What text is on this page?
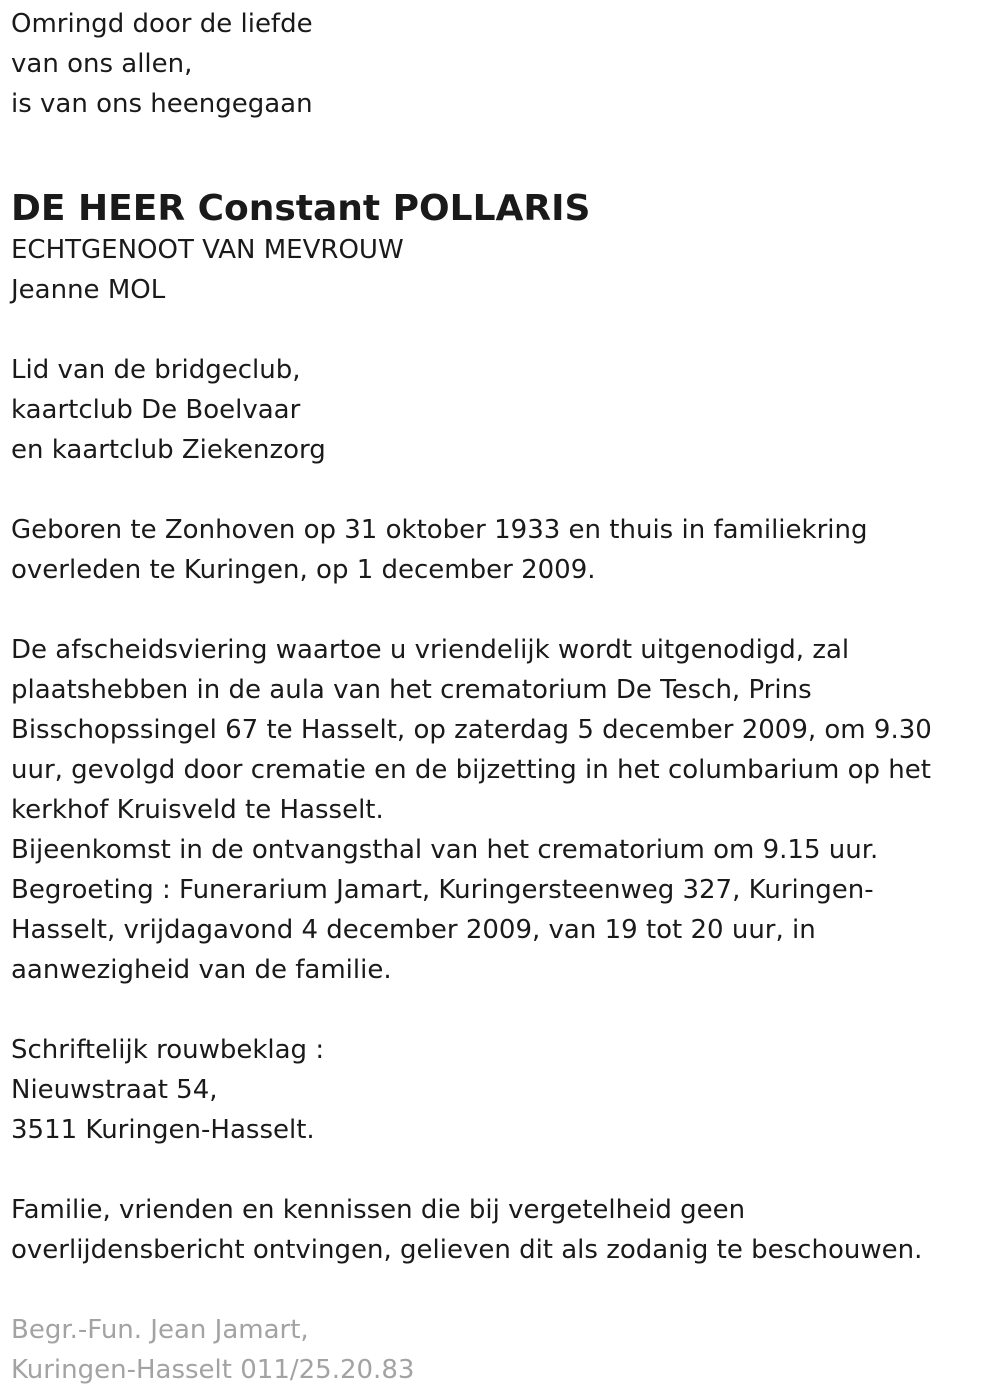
Omringd door de liefde
van ons allen,
is van ons heengegaan
DE HEER Constant POLLARIS
ECHTGENOOT VAN MEVROUW
Jeanne MOL
Lid van de bridgeclub,
kaartclub De Boelvaar
en kaartclub Ziekenzorg
Geboren te Zonhoven op 31 oktober 1933 en thuis in familiekring
overleden te Kuringen, op 1 december 2009.
De afscheidsviering waartoe u vriendelijk wordt uitgenodigd, zal
plaatshebben in de aula van het crematorium De Tesch, Prins
Bisschopssingel 67 te Hasselt, op zaterdag 5 december 2009, om 9.30
uur, gevolgd door crematie en de bijzetting in het columbarium op het
kerkhof Kruisveld te Hasselt.
Bijeenkomst in de ontvangsthal van het crematorium om 9.15 uur.
Begroeting : Funerarium Jamart, Kuringersteenweg 327, Kuringen-
Hasselt, vrijdagavond 4 december 2009, van 19 tot 20 uur, in
aanwezigheid van de familie.
Schriftelijk rouwbeklag :
Nieuwstraat 54,
3511 Kuringen-Hasselt.
Familie, vrienden en kennissen die bij vergetelheid geen
overlijdensbericht ontvingen, gelieven dit als zodanig te beschouwen.
Begr.-Fun. Jean Jamart,
Kuringen-Hasselt 011/25.20.83
